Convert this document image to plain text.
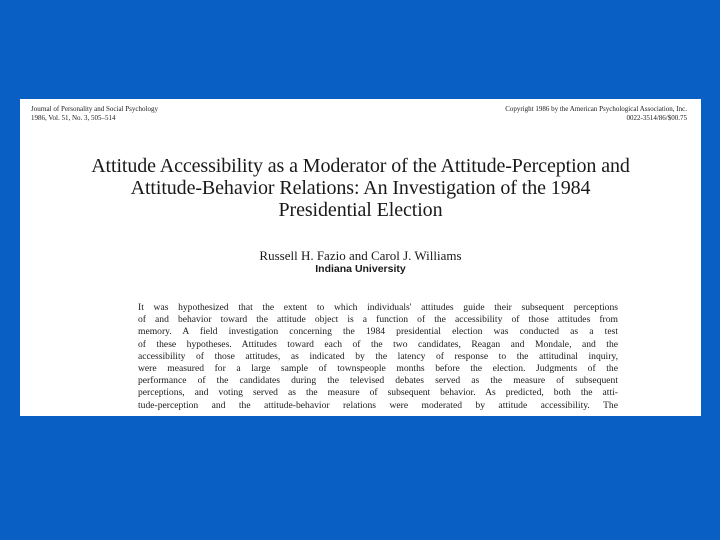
Journal of Personality and Social Psychology
1986, Vol. 51, No. 3, 505–514
Copyright 1986 by the American Psychological Association, Inc.
0022-3514/86/$00.75
Attitude Accessibility as a Moderator of the Attitude-Perception and
Attitude-Behavior Relations: An Investigation of the 1984
Presidential Election
Russell H. Fazio and Carol J. Williams
Indiana University
It was hypothesized that the extent to which individuals' attitudes guide their subsequent perceptions
of and behavior toward the attitude object is a function of the accessibility of those attitudes from
memory. A field investigation concerning the 1984 presidential election was conducted as a test
of these hypotheses. Attitudes toward each of the two candidates, Reagan and Mondale, and the
accessibility of those attitudes, as indicated by the latency of response to the attitudinal inquiry,
were measured for a large sample of townspeople months before the election. Judgments of the
performance of the candidates during the televised debates served as the measure of subsequent
perceptions, and voting served as the measure of subsequent behavior. As predicted, both the atti-
tude-perception and the attitude-behavior relations were moderated by attitude accessibility. The
